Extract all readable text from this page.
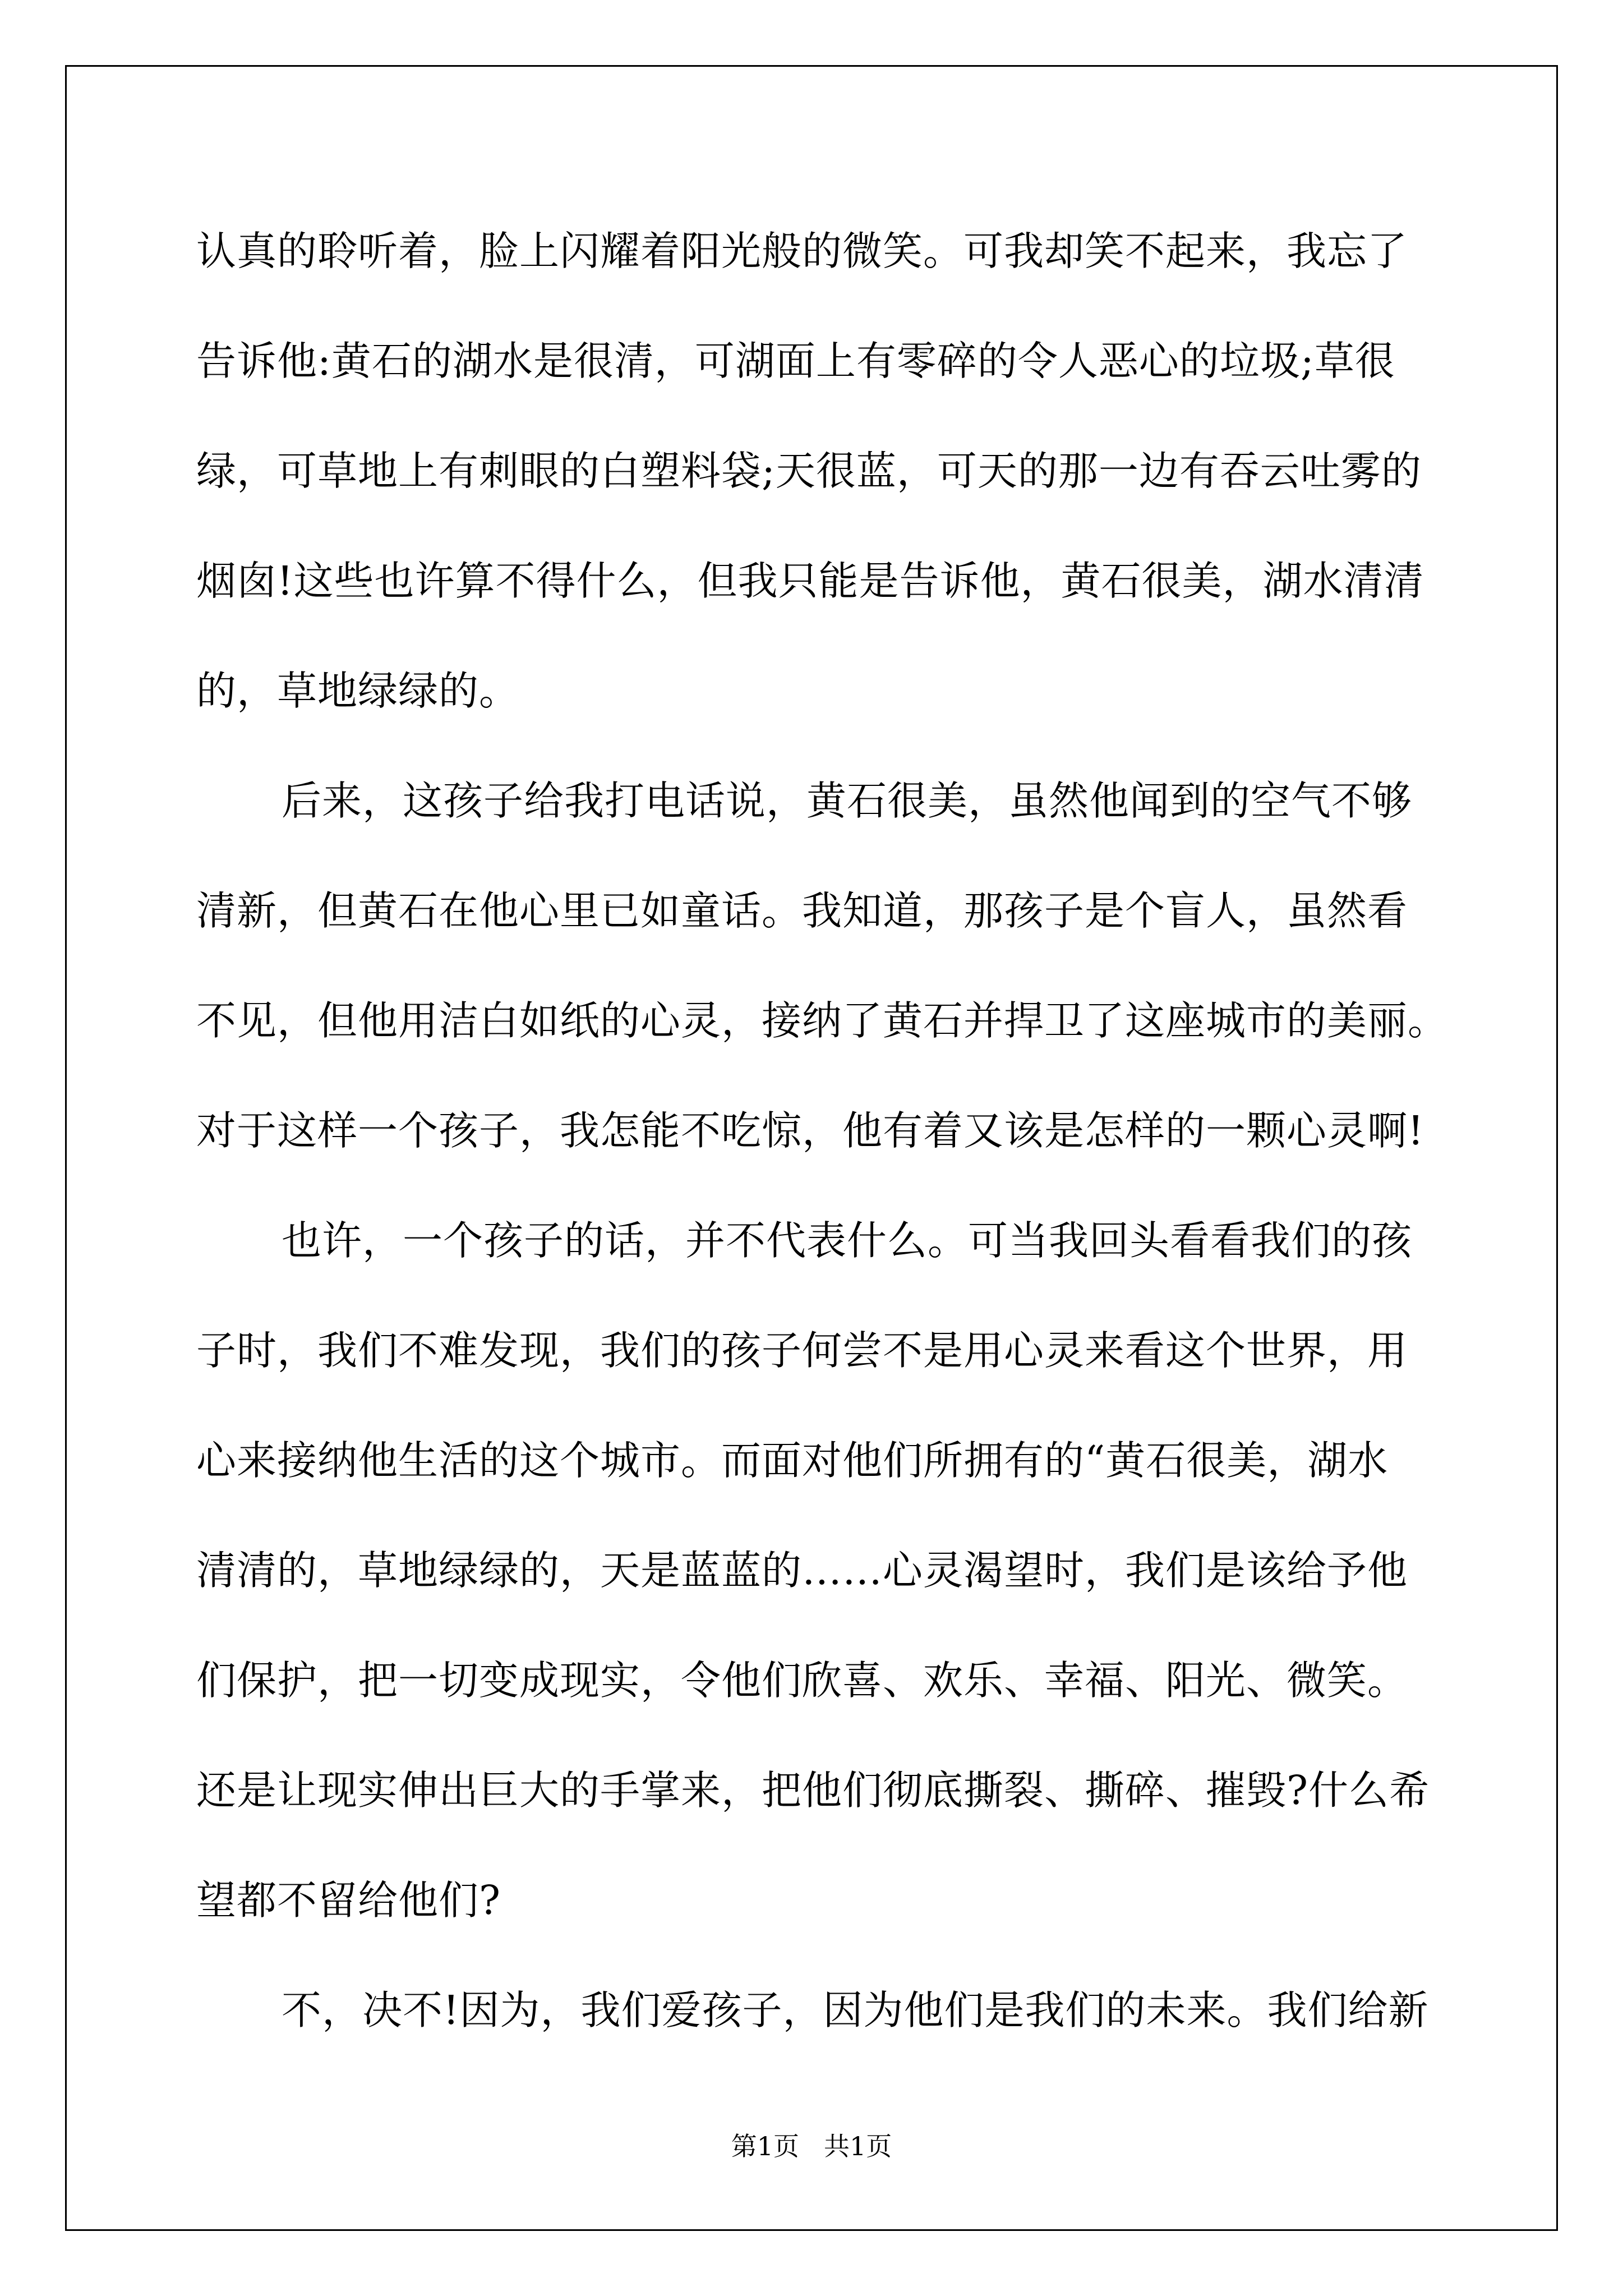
认真的聆听着，脸上闪耀着阳光般的微笑。可我却笑不起来，我忘了
告诉他:黄石的湖水是很清，可湖面上有零碎的令人恶心的垃圾;草很
绿，可草地上有刺眼的白塑料袋;天很蓝，可天的那一边有吞云吐雾的
烟囱!这些也许算不得什么，但我只能是告诉他，黄石很美，湖水清清
的，草地绿绿的。
后来，这孩子给我打电话说，黄石很美，虽然他闻到的空气不够
清新，但黄石在他心里已如童话。我知道，那孩子是个盲人，虽然看
不见，但他用洁白如纸的心灵，接纳了黄石并捍卫了这座城市的美丽。
对于这样一个孩子，我怎能不吃惊，他有着又该是怎样的一颗心灵啊!
也许，一个孩子的话，并不代表什么。可当我回头看看我们的孩
子时，我们不难发现，我们的孩子何尝不是用心灵来看这个世界，用
心来接纳他生活的这个城市。而面对他们所拥有的“黄石很美，湖水
清清的，草地绿绿的，天是蓝蓝的……心灵渴望时，我们是该给予他
们保护，把一切变成现实，令他们欣喜、欢乐、幸福、阳光、微笑。
还是让现实伸出巨大的手掌来，把他们彻底撕裂、撕碎、摧毁?什么希
望都不留给他们?
不，决不!因为，我们爱孩子，因为他们是我们的未来。我们给新
第1页 共1页
